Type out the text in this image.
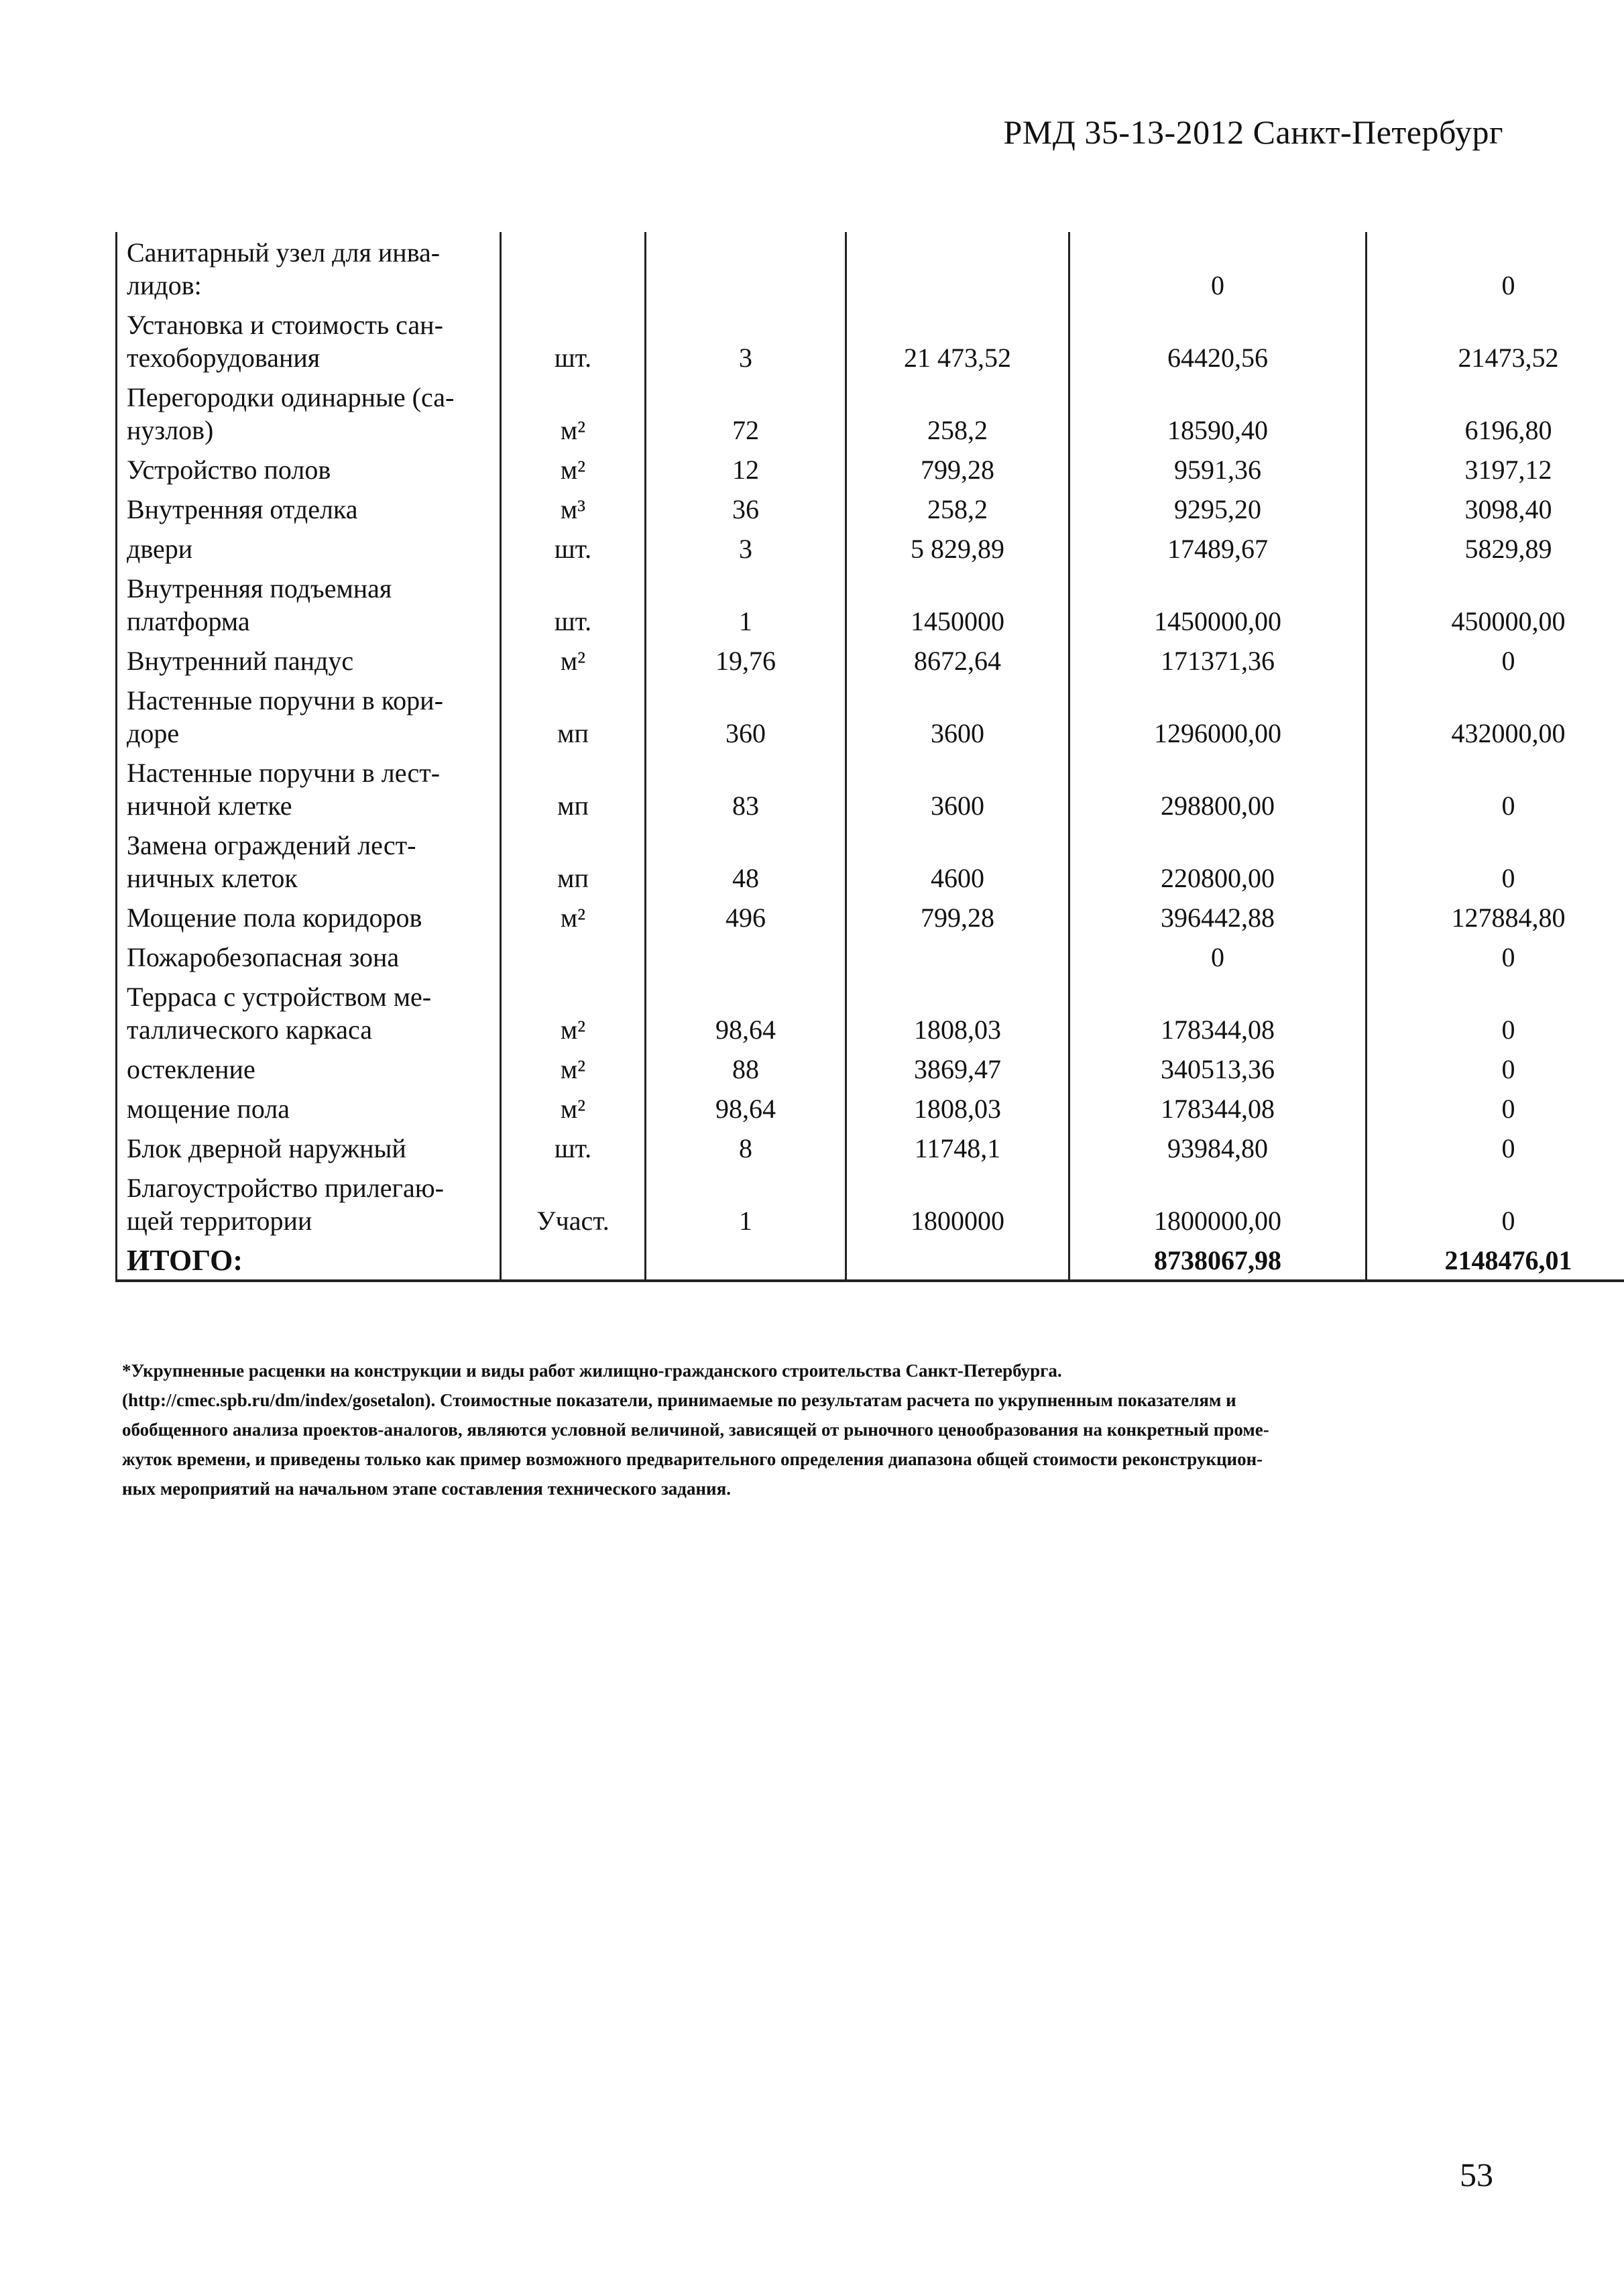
РМД 35-13-2012 Санкт-Петербург
Санитарный узел для инва-лидов:				0	0
Установка и стоимость сан-техоборудования	шт.	3	21 473,52	64420,56	21473,52
Перегородки одинарные (са-нузлов)	м²	72	258,2	18590,40	6196,80
Устройство полов	м²	12	799,28	9591,36	3197,12
Внутренняя отделка	м³	36	258,2	9295,20	3098,40
двери	шт.	3	5 829,89	17489,67	5829,89
Внутренняя подъемная платформа	шт.	1	1450000	1450000,00	450000,00
Внутренний пандус	м²	19,76	8672,64	171371,36	0
Настенные поручни в кори-доре	мп	360	3600	1296000,00	432000,00
Настенные поручни в лест-ничной клетке	мп	83	3600	298800,00	0
Замена ограждений лест-ничных клеток	мп	48	4600	220800,00	0
Мощение пола коридоров	м²	496	799,28	396442,88	127884,80
Пожаробезопасная зона				0	0
Терраса с устройством ме-таллического каркаса	м²	98,64	1808,03	178344,08	0
остекление	м²	88	3869,47	340513,36	0
мощение пола	м²	98,64	1808,03	178344,08	0
Блок дверной наружный	шт.	8	11748,1	93984,80	0
Благоустройство прилегаю-щей территории	Участ.	1	1800000	1800000,00	0
ИТОГО:				8738067,98	2148476,01
*Укрупненные расценки на конструкции и виды работ жилищно-гражданского строительства Санкт-Петербурга.
(http://cmec.spb.ru/dm/index/gosetalon). Стоимостные показатели, принимаемые по результатам расчета по укрупненным показателям и
обобщенного анализа проектов-аналогов, являются условной величиной, зависящей от рыночного ценообразования на конкретный проме-
жуток времени, и приведены только как пример возможного предварительного определения диапазона общей стоимости реконструкцион-
ных мероприятий на начальном этапе составления технического задания.
53
